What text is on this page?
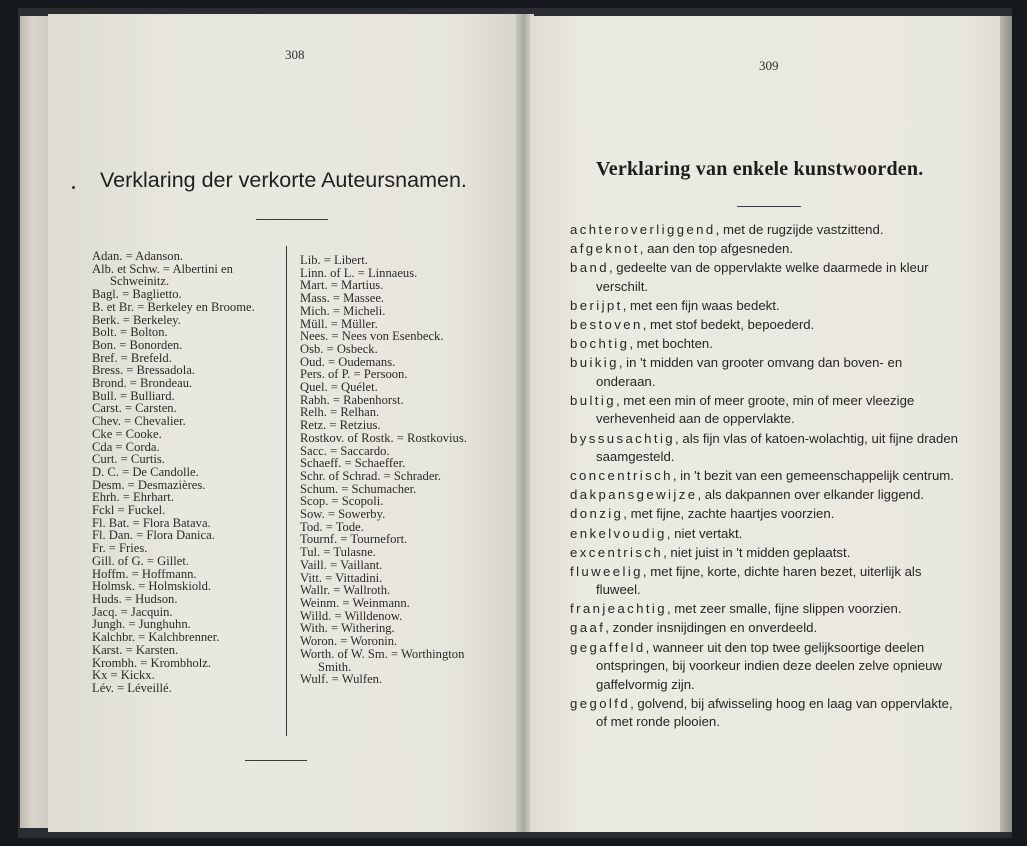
308
Verklaring der verkorte Auteursnamen.
Adan. = Adanson.
Alb. et Schw. = Albertini en Schweinitz.
Bagl. = Baglietto.
B. et Br. = Berkeley en Broome.
Berk. = Berkeley.
Bolt. = Bolton.
Bon. = Bonorden.
Bref. = Brefeld.
Bress. = Bressadola.
Brond. = Brondeau.
Bull. = Bulliard.
Carst. = Carsten.
Chev. = Chevalier.
Cke = Cooke.
Cda = Corda.
Curt. = Curtis.
D. C. = De Candolle.
Desm. = Desmazières.
Ehrh. = Ehrhart.
Fckl = Fuckel.
Fl. Bat. = Flora Batava.
Fl. Dan. = Flora Danica.
Fr. = Fries.
Gill. of G. = Gillet.
Hoffm. = Hoffmann.
Holmsk. = Holmskiold.
Huds. = Hudson.
Jacq. = Jacquin.
Jungh. = Junghuhn.
Kalchbr. = Kalchbrenner.
Karst. = Karsten.
Krombh. = Krombholz.
Kx = Kickx.
Lév. = Léveillé.
Lib. = Libert.
Linn. of L. = Linnaeus.
Mart. = Martius.
Mass. = Massee.
Mich. = Micheli.
Müll. = Müller.
Nees. = Nees von Esenbeck.
Osb. = Osbeck.
Oud. = Oudemans.
Pers. of P. = Persoon.
Quel. = Quélet.
Rabh. = Rabenhorst.
Relh. = Relhan.
Retz. = Retzius.
Rostkov. of Rostk. = Rostkovius.
Sacc. = Saccardo.
Schaeff. = Schaeffer.
Schr. of Schrad. = Schrader.
Schum. = Schumacher.
Scop. = Scopoli.
Sow. = Sowerby.
Tod. = Tode.
Tournf. = Tournefort.
Tul. = Tulasne.
Vaill. = Vaillant.
Vitt. = Vittadini.
Wallr. = Wallroth.
Weinm. = Weinmann.
Willd. = Willdenow.
With. = Withering.
Woron. = Woronin.
Worth. of W. Sm. = Worthington Smith.
Wulf. = Wulfen.
309
Verklaring van enkele kunstwoorden.
achteroverliggend, met de rugzijde vastzittend.
afgeknot, aan den top afgesneden.
band, gedeelte van de oppervlakte welke daarmede in kleur verschilt.
berijpt, met een fijn waas bedekt.
bestoven, met stof bedekt, bepoederd.
bochtig, met bochten.
buikig, in 't midden van grooter omvang dan boven- en onderaan.
bultig, met een min of meer groote, min of meer vleezige verhevenheid aan de oppervlakte.
byssusachtig, als fijn vlas of katoen-wolachtig, uit fijne draden saamgesteld.
concentrisch, in 't bezit van een gemeenschappelijk centrum.
dakpansgewijze, als dakpannen over elkander liggend.
donzig, met fijne, zachte haartjes voorzien.
enkelvoudig, niet vertakt.
excentrisch, niet juist in 't midden geplaatst.
fluweelig, met fijne, korte, dichte haren bezet, uiterlijk als fluweel.
franjeachtig, met zeer smalle, fijne slippen voorzien.
gaaf, zonder insnijdingen en onverdeeld.
gegaffeld, wanneer uit den top twee gelijksoortige deelen ontspringen, bij voorkeur indien deze deelen zelve opnieuw gaffelvormig zijn.
gegolfd, golvend, bij afwisseling hoog en laag van oppervlakte, of met ronde plooien.
